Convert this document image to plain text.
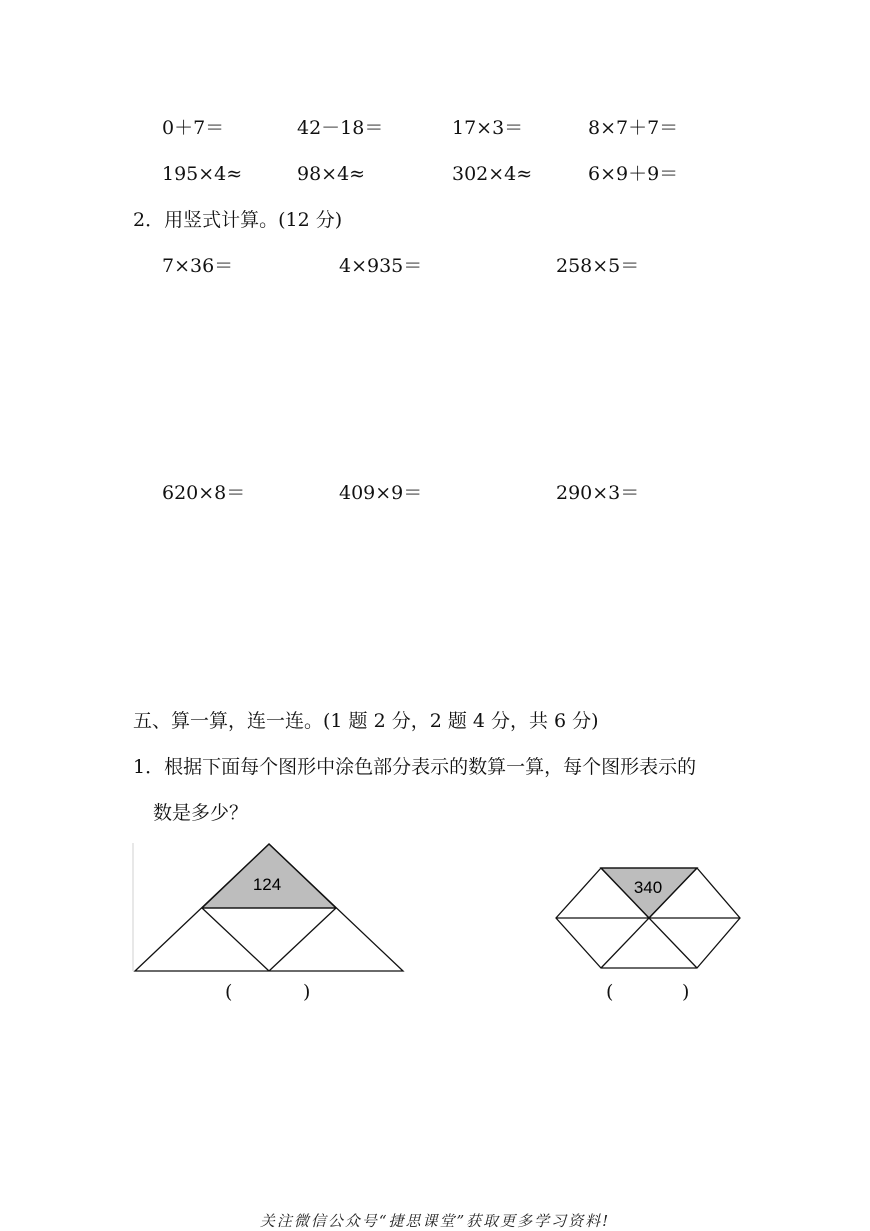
0＋7＝	42－18＝	17×3＝	8×7＋7＝
195×4≈	98×4≈	302×4≈	6×9＋9＝
2．用竖式计算。(12 分)
7×36＝	4×935＝	258×5＝
620×8＝	409×9＝	290×3＝
五、算一算，连一连。(1 题 2 分，2 题 4 分，共 6 分)
1．根据下面每个图形中涂色部分表示的数算一算，每个图形表示的
数是多少？
124
(	)
340
(	)
关注微信公众号“捷思课堂”获取更多学习资料!
